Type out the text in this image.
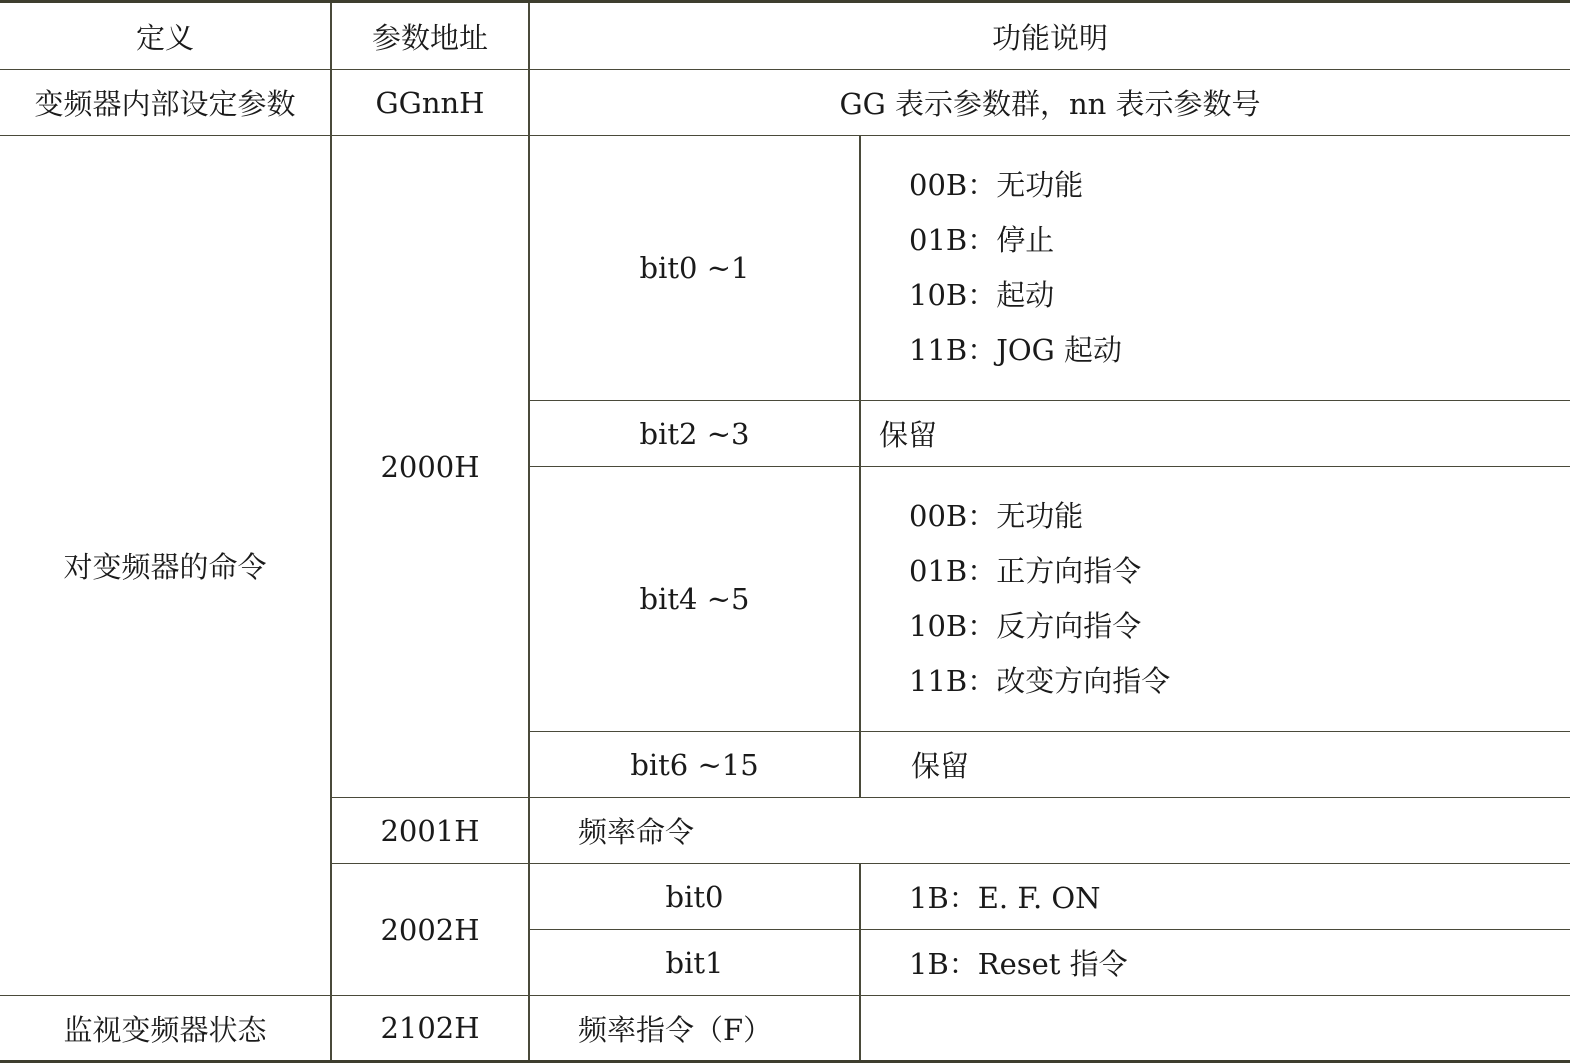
定义	参数地址	功能说明	
变频器内部设定参数	GGnnH	GG 表示参数群，nn 表示参数号	
对变频器的命令	2000H	bit0 ~1	00B：无功能
01B：停止
10B：起动
11B：JOG 起动

		bit2 ~3	保留
		bit4 ~5	00B：无功能
01B：正方向指令
10B：反方向指令
11B：改变方向指令

		bit6 ~15	保留
	2001H	频率命令	
	2002H	bit0	1B：E. F. ON
		bit1	1B：Reset 指令
监视变频器状态	2102H	频率指令（F）	
